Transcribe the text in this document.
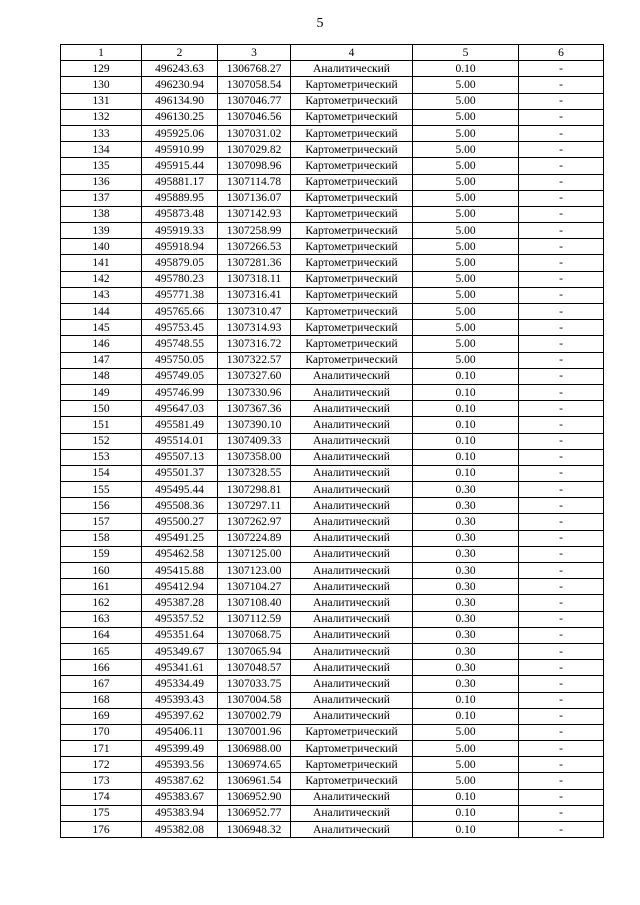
5
1	2	3	4	5	6
129	496243.63	1306768.27	Аналитический	0.10	-
130	496230.94	1307058.54	Картометрический	5.00	-
131	496134.90	1307046.77	Картометрический	5.00	-
132	496130.25	1307046.56	Картометрический	5.00	-
133	495925.06	1307031.02	Картометрический	5.00	-
134	495910.99	1307029.82	Картометрический	5.00	-
135	495915.44	1307098.96	Картометрический	5.00	-
136	495881.17	1307114.78	Картометрический	5.00	-
137	495889.95	1307136.07	Картометрический	5.00	-
138	495873.48	1307142.93	Картометрический	5.00	-
139	495919.33	1307258.99	Картометрический	5.00	-
140	495918.94	1307266.53	Картометрический	5.00	-
141	495879.05	1307281.36	Картометрический	5.00	-
142	495780.23	1307318.11	Картометрический	5.00	-
143	495771.38	1307316.41	Картометрический	5.00	-
144	495765.66	1307310.47	Картометрический	5.00	-
145	495753.45	1307314.93	Картометрический	5.00	-
146	495748.55	1307316.72	Картометрический	5.00	-
147	495750.05	1307322.57	Картометрический	5.00	-
148	495749.05	1307327.60	Аналитический	0.10	-
149	495746.99	1307330.96	Аналитический	0.10	-
150	495647.03	1307367.36	Аналитический	0.10	-
151	495581.49	1307390.10	Аналитический	0.10	-
152	495514.01	1307409.33	Аналитический	0.10	-
153	495507.13	1307358.00	Аналитический	0.10	-
154	495501.37	1307328.55	Аналитический	0.10	-
155	495495.44	1307298.81	Аналитический	0.30	-
156	495508.36	1307297.11	Аналитический	0.30	-
157	495500.27	1307262.97	Аналитический	0.30	-
158	495491.25	1307224.89	Аналитический	0.30	-
159	495462.58	1307125.00	Аналитический	0.30	-
160	495415.88	1307123.00	Аналитический	0.30	-
161	495412.94	1307104.27	Аналитический	0.30	-
162	495387.28	1307108.40	Аналитический	0.30	-
163	495357.52	1307112.59	Аналитический	0.30	-
164	495351.64	1307068.75	Аналитический	0.30	-
165	495349.67	1307065.94	Аналитический	0.30	-
166	495341.61	1307048.57	Аналитический	0.30	-
167	495334.49	1307033.75	Аналитический	0.30	-
168	495393.43	1307004.58	Аналитический	0.10	-
169	495397.62	1307002.79	Аналитический	0.10	-
170	495406.11	1307001.96	Картометрический	5.00	-
171	495399.49	1306988.00	Картометрический	5.00	-
172	495393.56	1306974.65	Картометрический	5.00	-
173	495387.62	1306961.54	Картометрический	5.00	-
174	495383.67	1306952.90	Аналитический	0.10	-
175	495383.94	1306952.77	Аналитический	0.10	-
176	495382.08	1306948.32	Аналитический	0.10	-
